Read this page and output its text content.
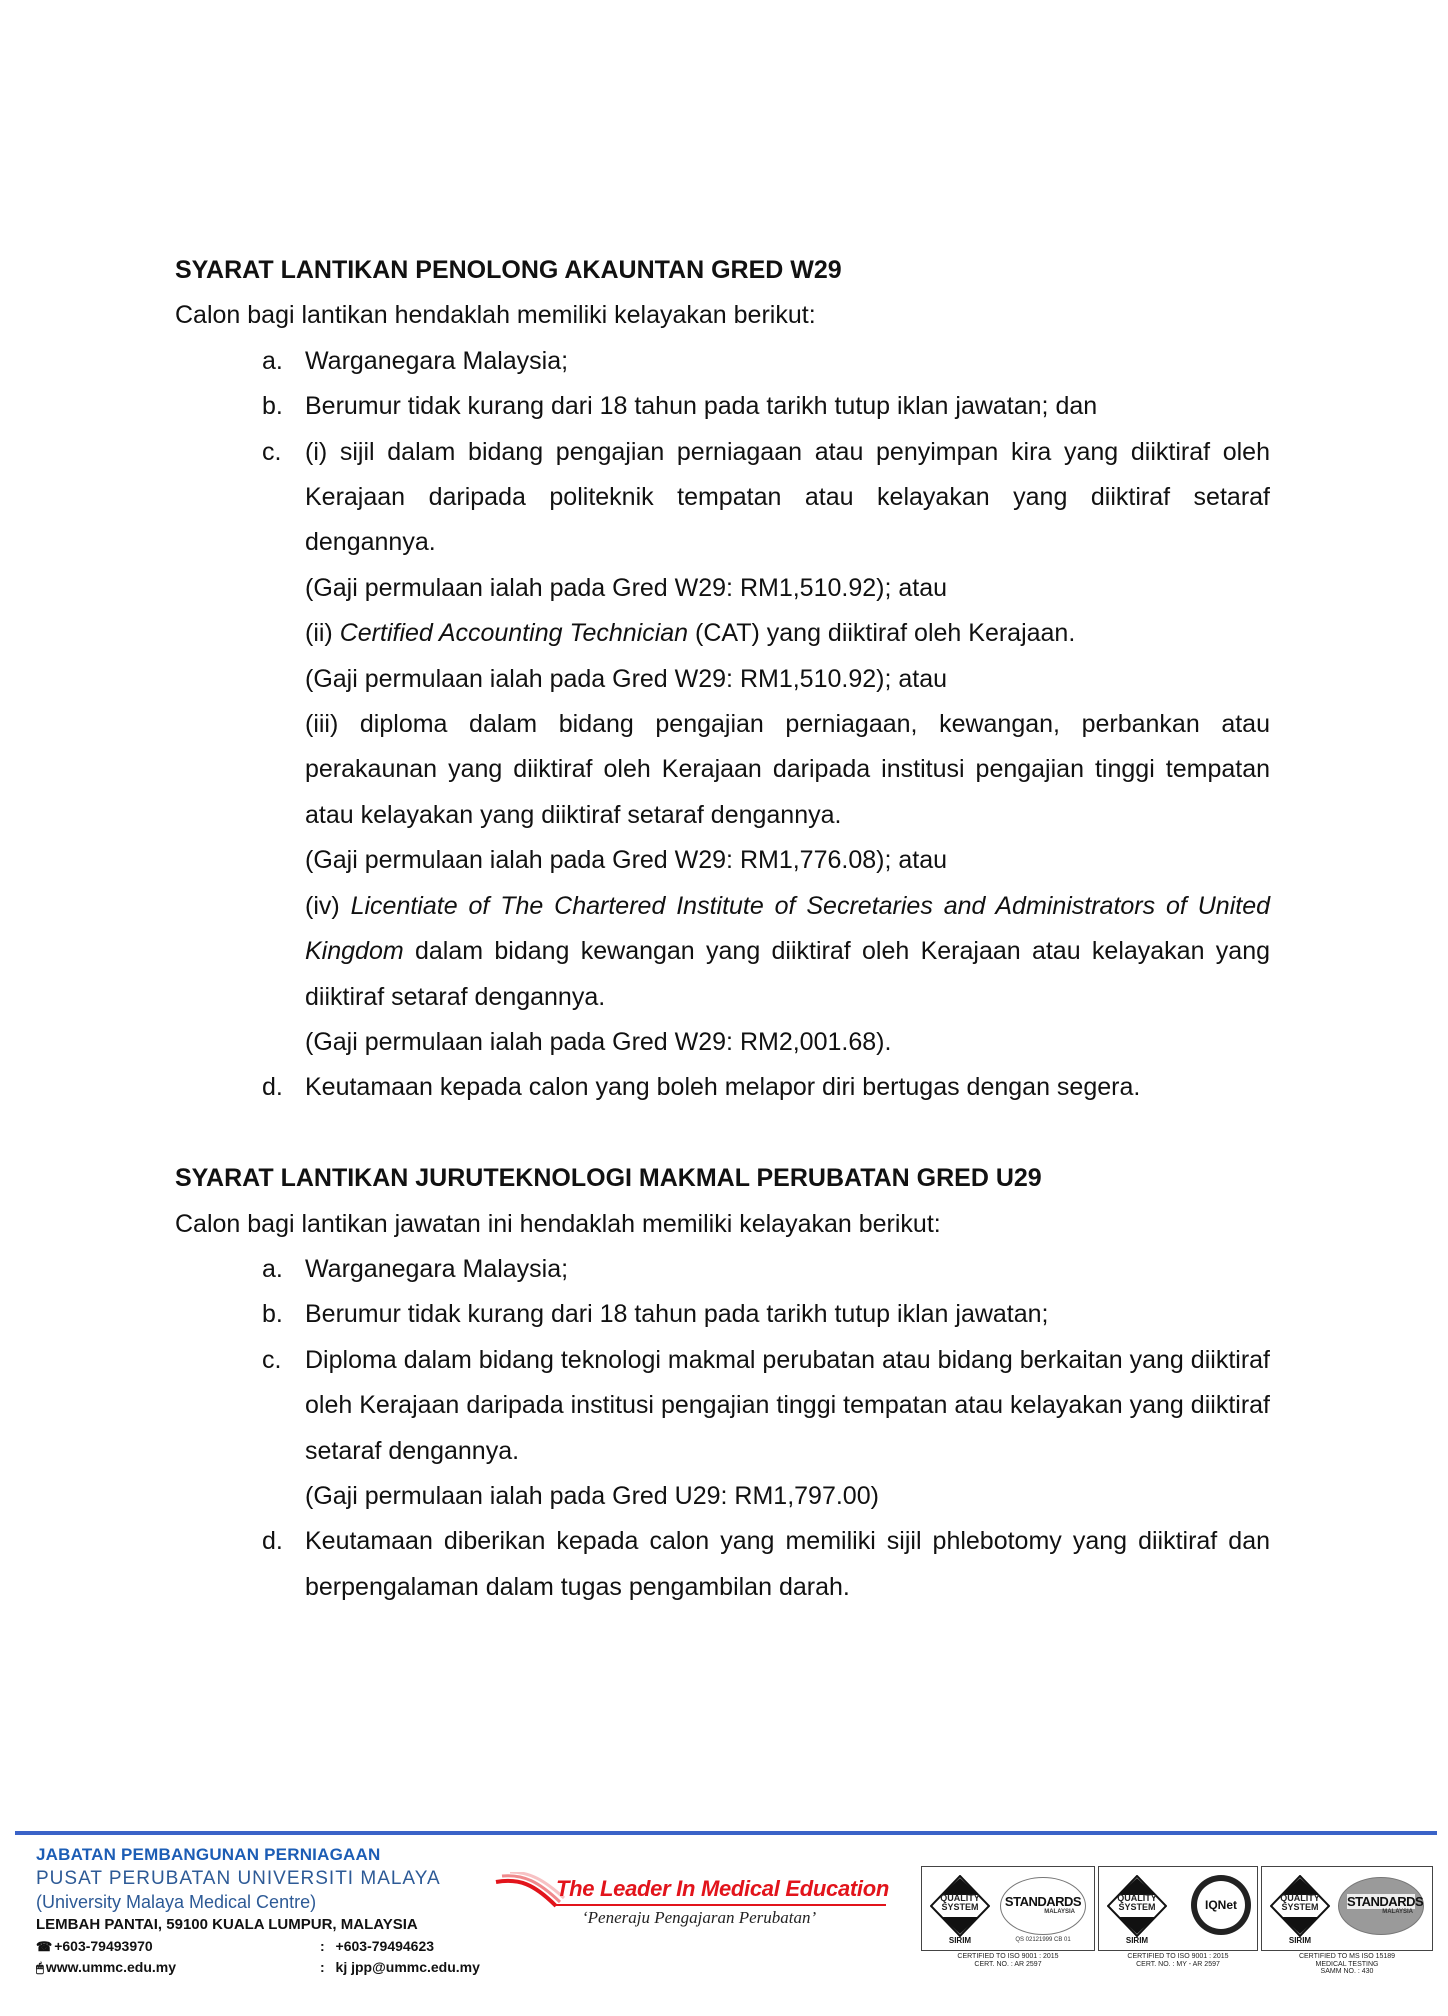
SYARAT LANTIKAN PENOLONG AKAUNTAN GRED W29

Calon bagi lantikan hendaklah memiliki kelayakan berikut:

a. Warganegara Malaysia;
b. Berumur tidak kurang dari 18 tahun pada tarikh tutup iklan jawatan; dan
c. (i) sijil dalam bidang pengajian perniagaan atau penyimpan kira yang diiktiraf oleh Kerajaan daripada politeknik tempatan atau kelayakan yang diiktiraf setaraf dengannya.
(Gaji permulaan ialah pada Gred W29: RM1,510.92); atau
(ii) Certified Accounting Technician (CAT) yang diiktiraf oleh Kerajaan.
(Gaji permulaan ialah pada Gred W29: RM1,510.92); atau
(iii) diploma dalam bidang pengajian perniagaan, kewangan, perbankan atau perakaunan yang diiktiraf oleh Kerajaan daripada institusi pengajian tinggi tempatan atau kelayakan yang diiktiraf setaraf dengannya.
(Gaji permulaan ialah pada Gred W29: RM1,776.08); atau
(iv) Licentiate of The Chartered Institute of Secretaries and Administrators of United Kingdom dalam bidang kewangan yang diiktiraf oleh Kerajaan atau kelayakan yang diiktiraf setaraf dengannya.
(Gaji permulaan ialah pada Gred W29: RM2,001.68).
d. Keutamaan kepada calon yang boleh melapor diri bertugas dengan segera.

SYARAT LANTIKAN JURUTEKNOLOGI MAKMAL PERUBATAN GRED U29

Calon bagi lantikan jawatan ini hendaklah memiliki kelayakan berikut:

a. Warganegara Malaysia;
b. Berumur tidak kurang dari 18 tahun pada tarikh tutup iklan jawatan;
c. Diploma dalam bidang teknologi makmal perubatan atau bidang berkaitan yang diiktiraf oleh Kerajaan daripada institusi pengajian tinggi tempatan atau kelayakan yang diiktiraf setaraf dengannya.
(Gaji permulaan ialah pada Gred U29: RM1,797.00)
d. Keutamaan diberikan kepada calon yang memiliki sijil phlebotomy yang diiktiraf dan berpengalaman dalam tugas pengambilan darah.
JABATAN PEMBANGUNAN PERNIAGAAN
PUSAT PERUBATAN UNIVERSITI MALAYA
(University Malaya Medical Centre)
LEMBAH PANTAI, 59100 KUALA LUMPUR, MALAYSIA
☎ +603-79493970	:  +603-79494623
🖱 www.ummc.edu.my	:  kj jpp@ummc.edu.my
The Leader In Medical Education
‘Peneraju Pengajaran Perubatan’
QUALITY SYSTEM
SIRIM
STANDARDS
MALAYSIA
QS 02121999 CB 01
CERTIFIED TO ISO 9001 : 2015
CERT. NO. : AR 2597
QUALITY SYSTEM
SIRIM
IQNet
CERTIFIED TO ISO 9001 : 2015
CERT. NO. : MY - AR 2597
QUALITY SYSTEM
SIRIM
STANDARDS
MALAYSIA
CERTIFIED TO MS ISO 15189
MEDICAL TESTING
SAMM NO. : 430
